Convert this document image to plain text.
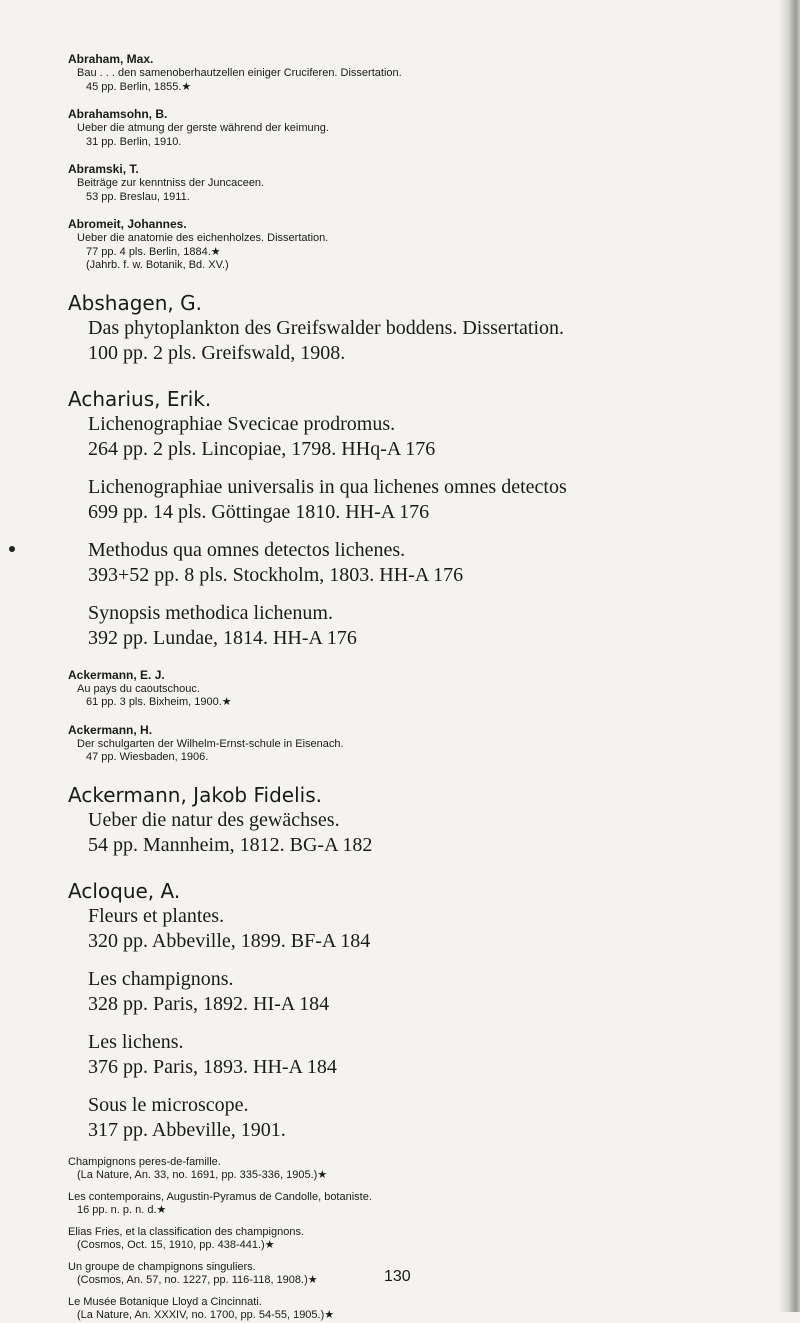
Abraham, Max.
Bau . . . den samenoberhautzellen einiger Cruciferen. Dissertation.
45 pp. Berlin, 1855.★
Abrahamsohn, B.
Ueber die atmung der gerste während der keimung.
31 pp. Berlin, 1910.
Abramski, T.
Beiträge zur kenntniss der Juncaceen.
53 pp. Breslau, 1911.
Abromeit, Johannes.
Ueber die anatomie des eichenholzes. Dissertation.
77 pp. 4 pls. Berlin, 1884.★
(Jahrb. f. w. Botanik, Bd. XV.)
Abshagen, G.
Das phytoplankton des Greifswalder boddens. Dissertation.
100 pp. 2 pls. Greifswald, 1908.
Acharius, Erik.
Lichenographiae Svecicae prodromus.
264 pp. 2 pls. Lincopiae, 1798. HHq-A 176
Lichenographiae universalis in qua lichenes omnes detectos
699 pp. 14 pls. Göttingae 1810. HH-A 176
Methodus qua omnes detectos lichenes.
393+52 pp. 8 pls. Stockholm, 1803. HH-A 176
Synopsis methodica lichenum.
392 pp. Lundae, 1814. HH-A 176
Ackermann, E. J.
Au pays du caoutschouc.
61 pp. 3 pls. Bixheim, 1900.★
Ackermann, H.
Der schulgarten der Wilhelm-Ernst-schule in Eisenach.
47 pp. Wiesbaden, 1906.
Ackermann, Jakob Fidelis.
Ueber die natur des gewächses.
54 pp. Mannheim, 1812. BG-A 182
Acloque, A.
Fleurs et plantes.
320 pp. Abbeville, 1899. BF-A 184
Les champignons.
328 pp. Paris, 1892. HI-A 184
Les lichens.
376 pp. Paris, 1893. HH-A 184
Sous le microscope.
317 pp. Abbeville, 1901.
Champignons peres-de-famille.
(La Nature, An. 33, no. 1691, pp. 335-336, 1905.)★
Les contemporains, Augustin-Pyramus de Candolle, botaniste.
16 pp. n. p. n. d.★
Elias Fries, et la classification des champignons.
(Cosmos, Oct. 15, 1910, pp. 438-441.)★
Un groupe de champignons singuliers.
(Cosmos, An. 57, no. 1227, pp. 116-118, 1908.)★
Le Musée Botanique Lloyd a Cincinnati.
(La Nature, An. XXXIV, no. 1700, pp. 54-55, 1905.)★
130
